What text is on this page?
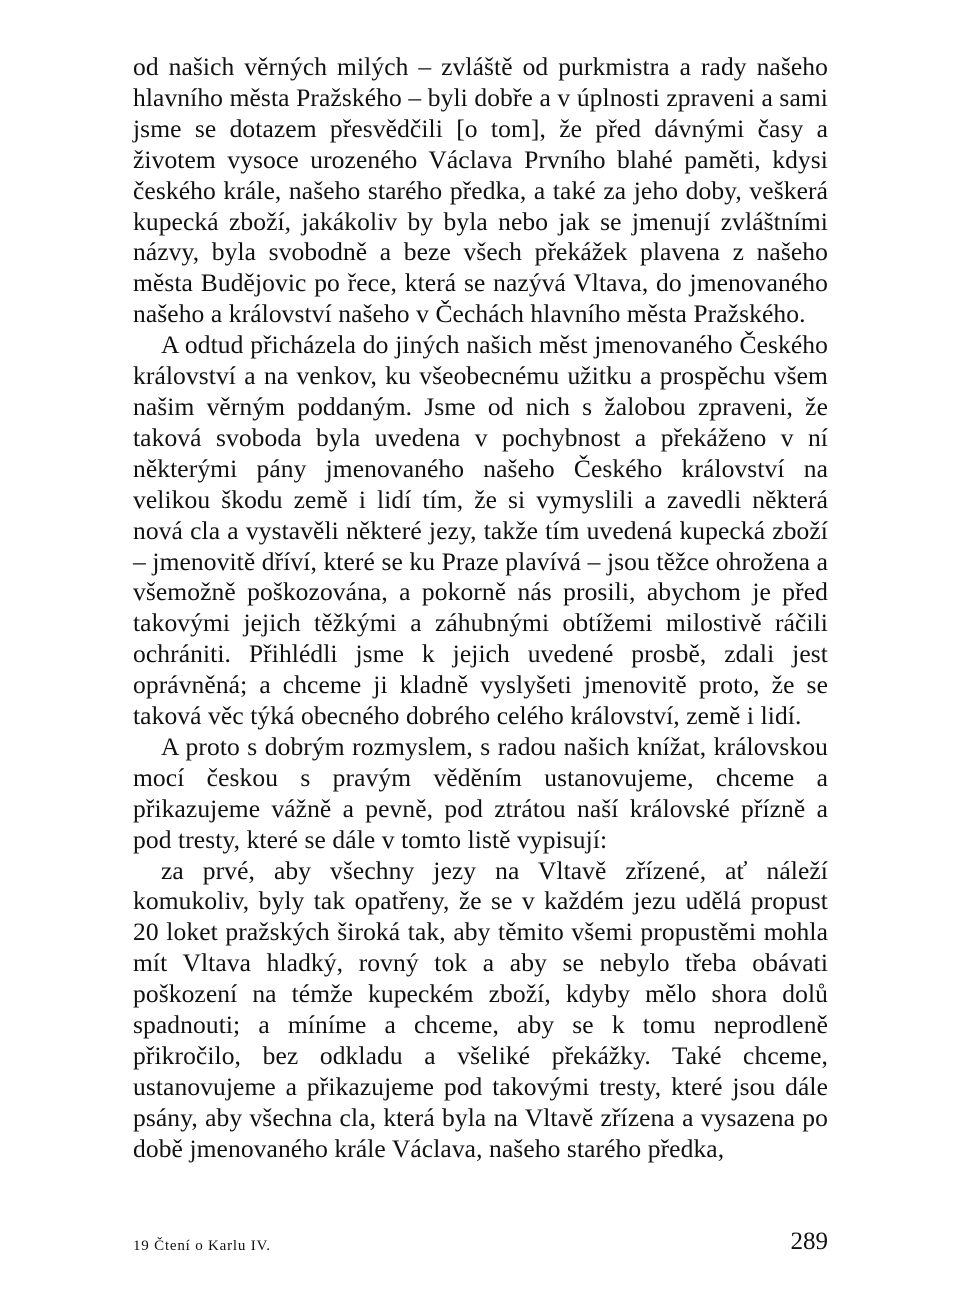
od našich věrných milých – zvláště od purkmistra a rady našeho hlavního města Pražského – byli dobře a v úplnosti zpraveni a sami jsme se dotazem přesvědčili [o tom], že před dávnými časy a životem vysoce urozeného Václava Prvního blahé paměti, kdysi českého krále, našeho starého předka, a také za jeho doby, veškerá kupecká zboží, jakákoliv by byla nebo jak se jmenují zvláštními názvy, byla svobodně a beze všech překážek plavena z našeho města Budějovic po řece, která se nazývá Vltava, do jmenovaného našeho a království našeho v Čechách hlavního města Pražského.

A odtud přicházela do jiných našich měst jmenovaného Českého království a na venkov, ku všeobecnému užitku a prospěchu všem našim věrným poddaným. Jsme od nich s žalobou zpraveni, že taková svoboda byla uvedena v pochybnost a překáženo v ní některými pány jmenovaného našeho Českého království na velikou škodu země i lidí tím, že si vymyslili a zavedli některá nová cla a vystavěli některé jezy, takže tím uvedená kupecká zboží – jmenovitě dříví, které se ku Praze plavívá – jsou těžce ohrožena a všemožně poškozována, a pokorně nás prosili, abychom je před takovými jejich těžkými a záhubnými obtížemi milostivě ráčili ochrániti. Přihlédli jsme k jejich uvedené prosbě, zdali jest oprávněná; a chceme ji kladně vyslyšeti jmenovitě proto, že se taková věc týká obecného dobrého celého království, země i lidí.

A proto s dobrým rozmyslem, s radou našich knížat, královskou mocí českou s pravým věděním ustanovujeme, chceme a přikazujeme vážně a pevně, pod ztrátou naší královské přízně a pod tresty, které se dále v tomto listě vypisují:

za prvé, aby všechny jezy na Vltavě zřízené, ať náleží komukoliv, byly tak opatřeny, že se v každém jezu udělá propust 20 loket pražských široká tak, aby těmito všemi propustěmi mohla mít Vltava hladký, rovný tok a aby se nebylo třeba obávati poškození na témže kupeckém zboží, kdyby mělo shora dolů spadnouti; a míníme a chceme, aby se k tomu neprodleně přikročilo, bez odkladu a všeliké překážky. Také chceme, ustanovujeme a přikazujeme pod takovými tresty, které jsou dále psány, aby všechna cla, která byla na Vltavě zřízena a vysazena po době jmenovaného krále Václava, našeho starého předka,

19 Čtení o Karlu IV.	289
